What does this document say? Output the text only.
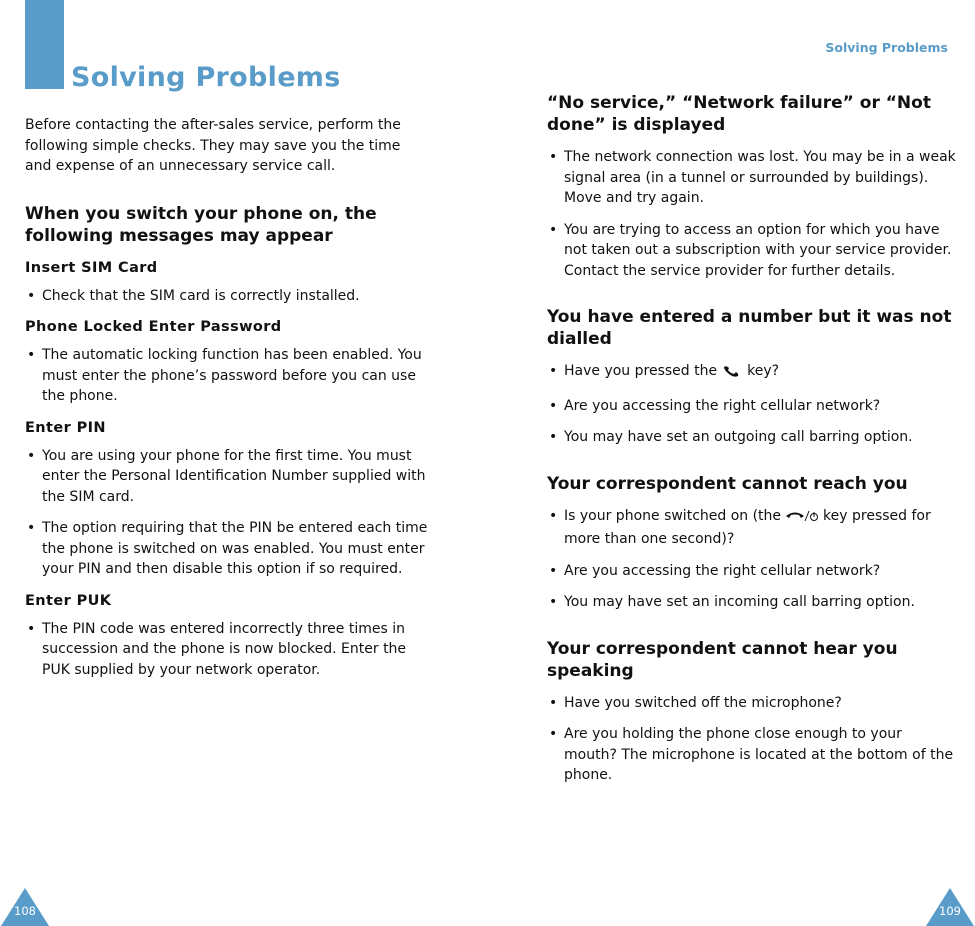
Solving Problems
Solving Problems

Before contacting the after-sales service, perform the following simple checks. They may save you the time and expense of an unnecessary service call.

When you switch your phone on, the following messages may appear
Insert SIM Card
• Check that the SIM card is correctly installed.
Phone Locked Enter Password
• The automatic locking function has been enabled. You must enter the phone’s password before you can use the phone.
Enter PIN
• You are using your phone for the first time. You must enter the Personal Identification Number supplied with the SIM card.
• The option requiring that the PIN be entered each time the phone is switched on was enabled. You must enter your PIN and then disable this option if so required.
Enter PUK
• The PIN code was entered incorrectly three times in succession and the phone is now blocked. Enter the PUK supplied by your network operator.
“No service,” “Network failure” or “Not done” is displayed
• The network connection was lost. You may be in a weak signal area (in a tunnel or surrounded by buildings). Move and try again.
• You are trying to access an option for which you have not taken out a subscription with your service provider. Contact the service provider for further details.
You have entered a number but it was not dialled
• Have you pressed the key?
• Are you accessing the right cellular network?
• You may have set an outgoing call barring option.
Your correspondent cannot reach you
• Is your phone switched on (the	key pressed for more than one second)?
• Are you accessing the right cellular network?
• You may have set an incoming call barring option.
Your correspondent cannot hear you speaking
• Have you switched off the microphone?
• Are you holding the phone close enough to your mouth? The microphone is located at the bottom of the phone.
108	109
